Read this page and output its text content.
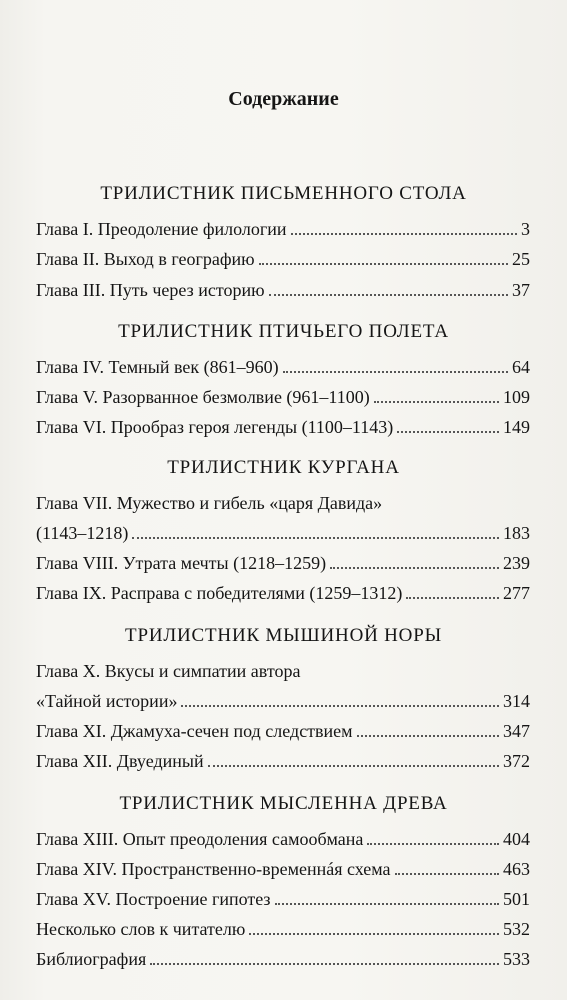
Содержание
ТРИЛИСТНИК ПИСЬМЕННОГО СТОЛА
Глава I. Преодоление филологии	3
Глава II. Выход в географию	25
Глава III. Путь через историю	37
ТРИЛИСТНИК ПТИЧЬЕГО ПОЛЕТА
Глава IV. Темный век (861–960)	64
Глава V. Разорванное безмолвие (961–1100)	109
Глава VI. Прообраз героя легенды (1100–1143)	149
ТРИЛИСТНИК КУРГАНА
Глава VII. Мужество и гибель «царя Давида»
(1143–1218)	183
Глава VIII. Утрата мечты (1218–1259)	239
Глава IX. Расправа с победителями (1259–1312)	277
ТРИЛИСТНИК МЫШИНОЙ НОРЫ
Глава X. Вкусы и симпатии автора
«Тайной истории»	314
Глава XI. Джамуха-сечен под следствием	347
Глава XII. Двуединый	372
ТРИЛИСТНИК МЫСЛЕННА ДРЕВА
Глава XIII. Опыт преодоления самообмана	404
Глава XIV. Пространственно-временнáя схема	463
Глава XV. Построение гипотез	501
Несколько слов к читателю	532
Библиография	533
